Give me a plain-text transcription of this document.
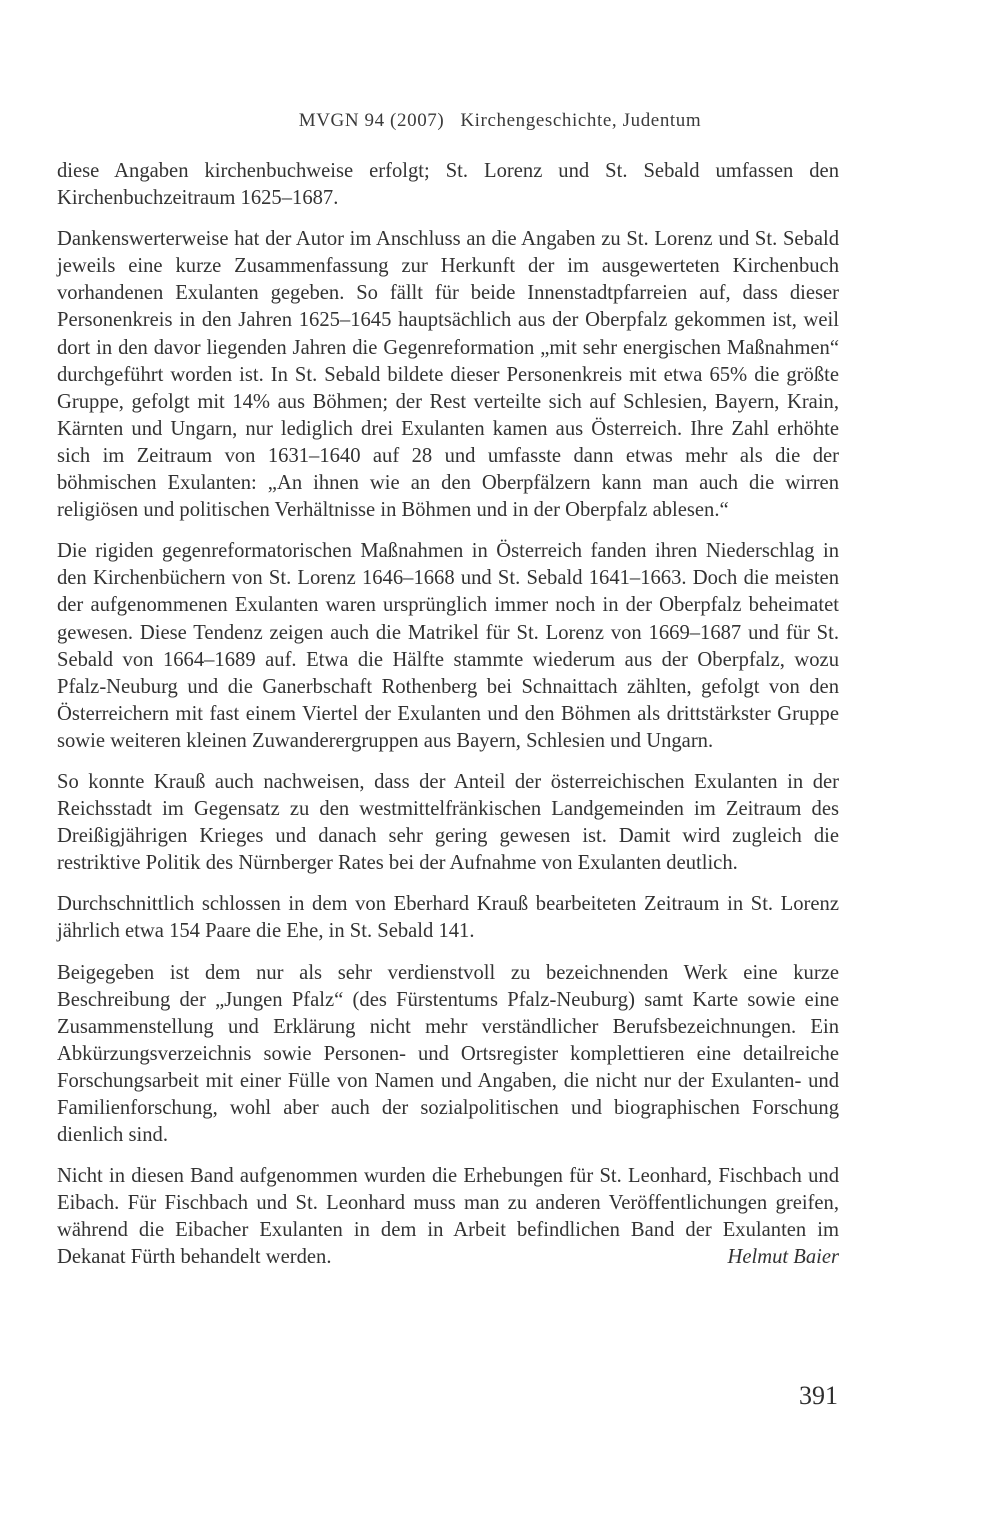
MVGN 94 (2007) Kirchengeschichte, Judentum

diese Angaben kirchenbuchweise erfolgt; St. Lorenz und St. Sebald umfassen den Kirchenbuchzeitraum 1625–1687.

Dankenswerterweise hat der Autor im Anschluss an die Angaben zu St. Lorenz und St. Sebald jeweils eine kurze Zusammenfassung zur Herkunft der im ausgewerteten Kirchenbuch vorhandenen Exulanten gegeben. So fällt für beide Innenstadtpfarreien auf, dass dieser Personenkreis in den Jahren 1625–1645 hauptsächlich aus der Oberpfalz gekommen ist, weil dort in den davor liegenden Jahren die Gegenreformation „mit sehr energischen Maßnahmen“ durchgeführt worden ist. In St. Sebald bildete dieser Personenkreis mit etwa 65% die größte Gruppe, gefolgt mit 14% aus Böhmen; der Rest verteilte sich auf Schlesien, Bayern, Krain, Kärnten und Ungarn, nur lediglich drei Exulanten kamen aus Österreich. Ihre Zahl erhöhte sich im Zeitraum von 1631–1640 auf 28 und umfasste dann etwas mehr als die der böhmischen Exulanten: „An ihnen wie an den Oberpfälzern kann man auch die wirren religiösen und politischen Verhältnisse in Böhmen und in der Oberpfalz ablesen.“

Die rigiden gegenreformatorischen Maßnahmen in Österreich fanden ihren Niederschlag in den Kirchenbüchern von St. Lorenz 1646–1668 und St. Sebald 1641–1663. Doch die meisten der aufgenommenen Exulanten waren ursprünglich immer noch in der Oberpfalz beheimatet gewesen. Diese Tendenz zeigen auch die Matrikel für St. Lorenz von 1669–1687 und für St. Sebald von 1664–1689 auf. Etwa die Hälfte stammte wiederum aus der Oberpfalz, wozu Pfalz-Neuburg und die Ganerbschaft Rothenberg bei Schnaittach zählten, gefolgt von den Österreichern mit fast einem Viertel der Exulanten und den Böhmen als drittstärkster Gruppe sowie weiteren kleinen Zuwanderergruppen aus Bayern, Schlesien und Ungarn.

So konnte Krauß auch nachweisen, dass der Anteil der österreichischen Exulanten in der Reichsstadt im Gegensatz zu den westmittelfränkischen Landgemeinden im Zeitraum des Dreißigjährigen Krieges und danach sehr gering gewesen ist. Damit wird zugleich die restriktive Politik des Nürnberger Rates bei der Aufnahme von Exulanten deutlich.

Durchschnittlich schlossen in dem von Eberhard Krauß bearbeiteten Zeitraum in St. Lorenz jährlich etwa 154 Paare die Ehe, in St. Sebald 141.

Beigegeben ist dem nur als sehr verdienstvoll zu bezeichnenden Werk eine kurze Beschreibung der „Jungen Pfalz“ (des Fürstentums Pfalz-Neuburg) samt Karte sowie eine Zusammenstellung und Erklärung nicht mehr verständlicher Berufsbezeichnungen. Ein Abkürzungsverzeichnis sowie Personen- und Ortsregister komplettieren eine detailreiche Forschungsarbeit mit einer Fülle von Namen und Angaben, die nicht nur der Exulanten- und Familienforschung, wohl aber auch der sozialpolitischen und biographischen Forschung dienlich sind.

Nicht in diesen Band aufgenommen wurden die Erhebungen für St. Leonhard, Fischbach und Eibach. Für Fischbach und St. Leonhard muss man zu anderen Veröffentlichungen greifen, während die Eibacher Exulanten in dem in Arbeit befindlichen Band der Exulanten im Dekanat Fürth behandelt werden.	Helmut Baier

391
